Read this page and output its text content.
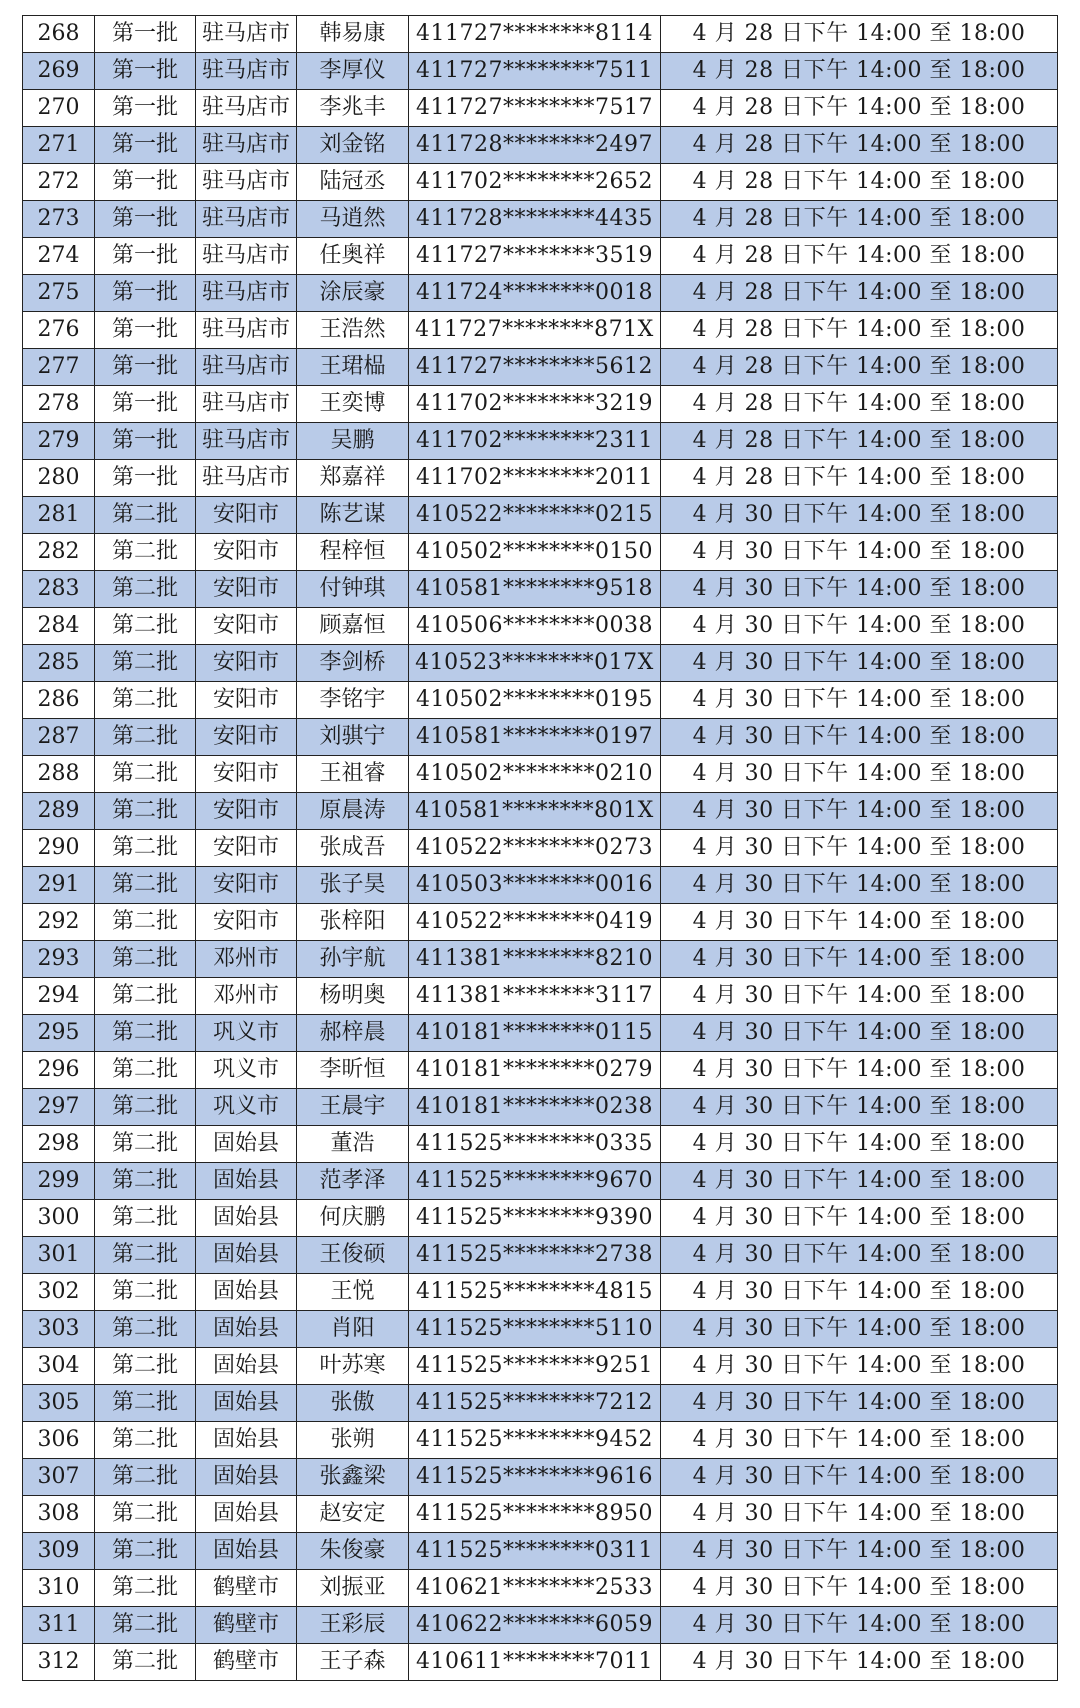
268	第一批	驻马店市	韩易康	411727********8114	4 月 28 日下午 14:00 至 18:00
269	第一批	驻马店市	李厚仪	411727********7511	4 月 28 日下午 14:00 至 18:00
270	第一批	驻马店市	李兆丰	411727********7517	4 月 28 日下午 14:00 至 18:00
271	第一批	驻马店市	刘金铭	411728********2497	4 月 28 日下午 14:00 至 18:00
272	第一批	驻马店市	陆冠丞	411702********2652	4 月 28 日下午 14:00 至 18:00
273	第一批	驻马店市	马逍然	411728********4435	4 月 28 日下午 14:00 至 18:00
274	第一批	驻马店市	任奥祥	411727********3519	4 月 28 日下午 14:00 至 18:00
275	第一批	驻马店市	涂辰豪	411724********0018	4 月 28 日下午 14:00 至 18:00
276	第一批	驻马店市	王浩然	411727********871X	4 月 28 日下午 14:00 至 18:00
277	第一批	驻马店市	王珺榀	411727********5612	4 月 28 日下午 14:00 至 18:00
278	第一批	驻马店市	王奕博	411702********3219	4 月 28 日下午 14:00 至 18:00
279	第一批	驻马店市	吴鹏	411702********2311	4 月 28 日下午 14:00 至 18:00
280	第一批	驻马店市	郑嘉祥	411702********2011	4 月 28 日下午 14:00 至 18:00
281	第二批	安阳市	陈艺谋	410522********0215	4 月 30 日下午 14:00 至 18:00
282	第二批	安阳市	程梓恒	410502********0150	4 月 30 日下午 14:00 至 18:00
283	第二批	安阳市	付钟琪	410581********9518	4 月 30 日下午 14:00 至 18:00
284	第二批	安阳市	顾嘉恒	410506********0038	4 月 30 日下午 14:00 至 18:00
285	第二批	安阳市	李剑桥	410523********017X	4 月 30 日下午 14:00 至 18:00
286	第二批	安阳市	李铭宇	410502********0195	4 月 30 日下午 14:00 至 18:00
287	第二批	安阳市	刘骐宁	410581********0197	4 月 30 日下午 14:00 至 18:00
288	第二批	安阳市	王祖睿	410502********0210	4 月 30 日下午 14:00 至 18:00
289	第二批	安阳市	原晨涛	410581********801X	4 月 30 日下午 14:00 至 18:00
290	第二批	安阳市	张成吾	410522********0273	4 月 30 日下午 14:00 至 18:00
291	第二批	安阳市	张子昊	410503********0016	4 月 30 日下午 14:00 至 18:00
292	第二批	安阳市	张梓阳	410522********0419	4 月 30 日下午 14:00 至 18:00
293	第二批	邓州市	孙宇航	411381********8210	4 月 30 日下午 14:00 至 18:00
294	第二批	邓州市	杨明奥	411381********3117	4 月 30 日下午 14:00 至 18:00
295	第二批	巩义市	郝梓晨	410181********0115	4 月 30 日下午 14:00 至 18:00
296	第二批	巩义市	李昕恒	410181********0279	4 月 30 日下午 14:00 至 18:00
297	第二批	巩义市	王晨宇	410181********0238	4 月 30 日下午 14:00 至 18:00
298	第二批	固始县	董浩	411525********0335	4 月 30 日下午 14:00 至 18:00
299	第二批	固始县	范孝泽	411525********9670	4 月 30 日下午 14:00 至 18:00
300	第二批	固始县	何庆鹏	411525********9390	4 月 30 日下午 14:00 至 18:00
301	第二批	固始县	王俊硕	411525********2738	4 月 30 日下午 14:00 至 18:00
302	第二批	固始县	王悦	411525********4815	4 月 30 日下午 14:00 至 18:00
303	第二批	固始县	肖阳	411525********5110	4 月 30 日下午 14:00 至 18:00
304	第二批	固始县	叶苏寒	411525********9251	4 月 30 日下午 14:00 至 18:00
305	第二批	固始县	张傲	411525********7212	4 月 30 日下午 14:00 至 18:00
306	第二批	固始县	张朔	411525********9452	4 月 30 日下午 14:00 至 18:00
307	第二批	固始县	张鑫梁	411525********9616	4 月 30 日下午 14:00 至 18:00
308	第二批	固始县	赵安定	411525********8950	4 月 30 日下午 14:00 至 18:00
309	第二批	固始县	朱俊豪	411525********0311	4 月 30 日下午 14:00 至 18:00
310	第二批	鹤壁市	刘振亚	410621********2533	4 月 30 日下午 14:00 至 18:00
311	第二批	鹤壁市	王彩辰	410622********6059	4 月 30 日下午 14:00 至 18:00
312	第二批	鹤壁市	王子森	410611********7011	4 月 30 日下午 14:00 至 18:00
